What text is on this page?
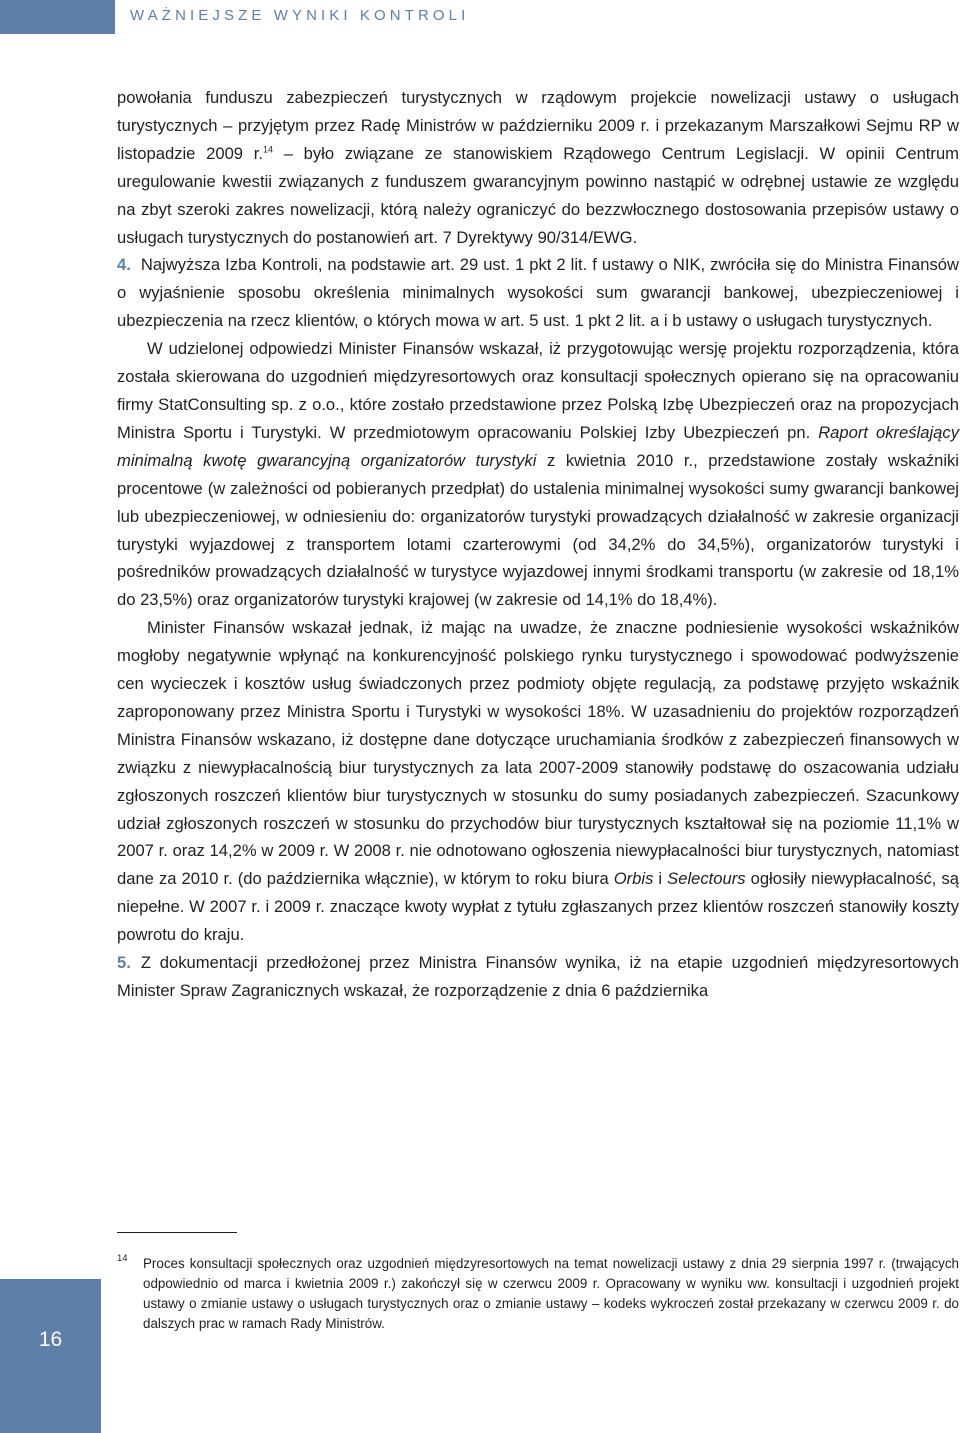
WAŻNIEJSZE WYNIKI KONTROLI

powołania funduszu zabezpieczeń turystycznych w rządowym projekcie nowelizacji ustawy o usługach turystycznych – przyjętym przez Radę Ministrów w październiku 2009 r. i przekazanym Marszałkowi Sejmu RP w listopadzie 2009 r.$^{14}$ – było związane ze stanowiskiem Rządowego Centrum Legislacji. W opinii Centrum uregulowanie kwestii związanych z funduszem gwarancyjnym powinno nastąpić w odrębnej ustawie ze względu na zbyt szeroki zakres nowelizacji, którą należy ograniczyć do bezzwłocznego dostosowania przepisów ustawy o usługach turystycznych do postanowień art. 7 Dyrektywy 90/314/EWG.

4. Najwyższa Izba Kontroli, na podstawie art. 29 ust. 1 pkt 2 lit. f ustawy o NIK, zwróciła się do Ministra Finansów o wyjaśnienie sposobu określenia minimalnych wysokości sum gwarancji bankowej, ubezpieczeniowej i ubezpieczenia na rzecz klientów, o których mowa w art. 5 ust. 1 pkt 2 lit. a i b ustawy o usługach turystycznych.

W udzielonej odpowiedzi Minister Finansów wskazał, iż przygotowując wersję projektu rozporządzenia, która została skierowana do uzgodnień międzyresortowych oraz konsultacji społecznych opierano się na opracowaniu firmy StatConsulting sp. z o.o., które zostało przedstawione przez Polską Izbę Ubezpieczeń oraz na propozycjach Ministra Sportu i Turystyki. W przedmiotowym opracowaniu Polskiej Izby Ubezpieczeń pn. Raport określający minimalną kwotę gwarancyjną organizatorów turystyki z kwietnia 2010 r., przedstawione zostały wskaźniki procentowe (w zależności od pobieranych przedpłat) do ustalenia minimalnej wysokości sumy gwarancji bankowej lub ubezpieczeniowej, w odniesieniu do: organizatorów turystyki prowadzących działalność w zakresie organizacji turystyki wyjazdowej z transportem lotami czarterowymi (od 34,2% do 34,5%), organizatorów turystyki i pośredników prowadzących działalność w turystyce wyjazdowej innymi środkami transportu (w zakresie od 18,1% do 23,5%) oraz organizatorów turystyki krajowej (w zakresie od 14,1% do 18,4%).

Minister Finansów wskazał jednak, iż mając na uwadze, że znaczne podniesienie wysokości wskaźników mogłoby negatywnie wpłynąć na konkurencyjność polskiego rynku turystycznego i spowodować podwyższenie cen wycieczek i kosztów usług świadczonych przez podmioty objęte regulacją, za podstawę przyjęto wskaźnik zaproponowany przez Ministra Sportu i Turystyki w wysokości 18%. W uzasadnieniu do projektów rozporządzeń Ministra Finansów wskazano, iż dostępne dane dotyczące uruchamiania środków z zabezpieczeń finansowych w związku z niewypłacalnością biur turystycznych za lata 2007-2009 stanowiły podstawę do oszacowania udziału zgłoszonych roszczeń klientów biur turystycznych w stosunku do sumy posiadanych zabezpieczeń. Szacunkowy udział zgłoszonych roszczeń w stosunku do przychodów biur turystycznych kształtował się na poziomie 11,1% w 2007 r. oraz 14,2% w 2009 r. W 2008 r. nie odnotowano ogłoszenia niewypłacalności biur turystycznych, natomiast dane za 2010 r. (do października włącznie), w którym to roku biura Orbis i Selectours ogłosiły niewypłacalność, są niepełne. W 2007 r. i 2009 r. znaczące kwoty wypłat z tytułu zgłaszanych przez klientów roszczeń stanowiły koszty powrotu do kraju.

5. Z dokumentacji przedłożonej przez Ministra Finansów wynika, iż na etapie uzgodnień międzyresortowych Minister Spraw Zagranicznych wskazał, że rozporządzenie z dnia 6 października

14 Proces konsultacji społecznych oraz uzgodnień międzyresortowych na temat nowelizacji ustawy z dnia 29 sierpnia 1997 r. (trwających odpowiednio od marca i kwietnia 2009 r.) zakończył się w czerwcu 2009 r. Opracowany w wyniku ww. konsultacji i uzgodnień projekt ustawy o zmianie ustawy o usługach turystycznych oraz o zmianie ustawy – kodeks wykroczeń został przekazany w czerwcu 2009 r. do dalszych prac w ramach Rady Ministrów.
16
